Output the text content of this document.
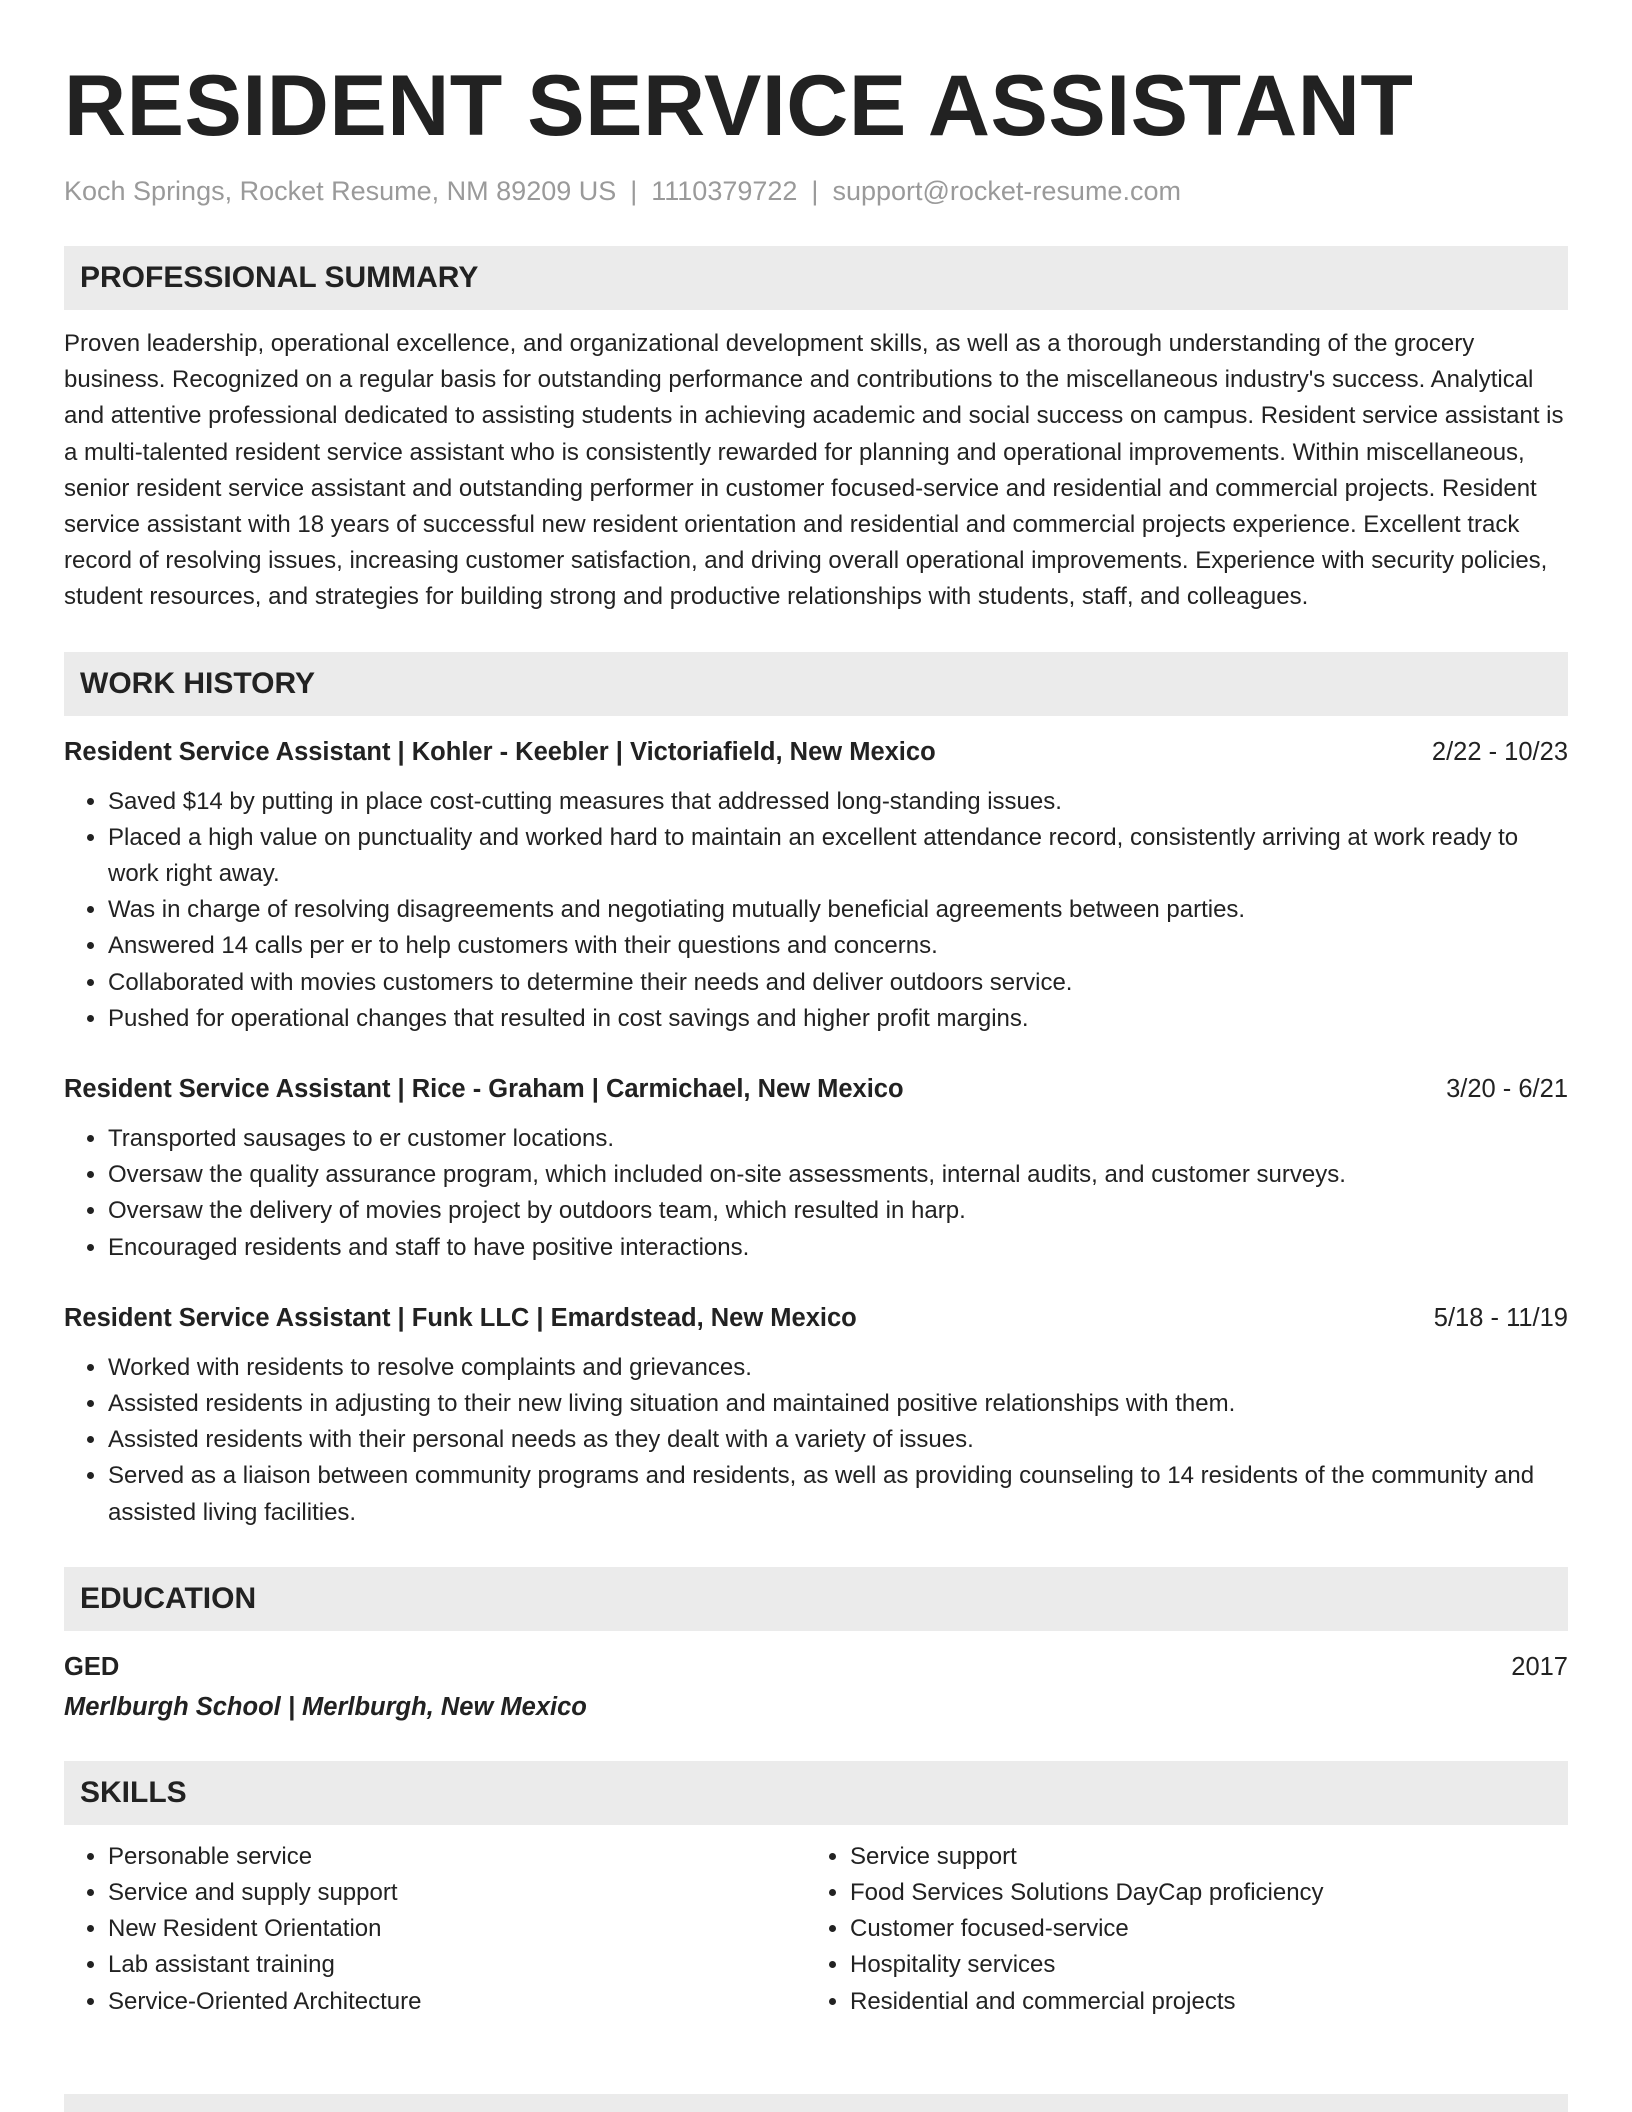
RESIDENT SERVICE ASSISTANT
Koch Springs, Rocket Resume, NM 89209 US | 1110379722 | support@rocket-resume.com
PROFESSIONAL SUMMARY
Proven leadership, operational excellence, and organizational development skills, as well as a thorough understanding of the grocery business. Recognized on a regular basis for outstanding performance and contributions to the miscellaneous industry's success. Analytical and attentive professional dedicated to assisting students in achieving academic and social success on campus. Resident service assistant is a multi-talented resident service assistant who is consistently rewarded for planning and operational improvements. Within miscellaneous, senior resident service assistant and outstanding performer in customer focused-service and residential and commercial projects. Resident service assistant with 18 years of successful new resident orientation and residential and commercial projects experience. Excellent track record of resolving issues, increasing customer satisfaction, and driving overall operational improvements. Experience with security policies, student resources, and strategies for building strong and productive relationships with students, staff, and colleagues.
WORK HISTORY
Resident Service Assistant | Kohler - Keebler | Victoriafield, New Mexico	2/22 - 10/23
• Saved $14 by putting in place cost-cutting measures that addressed long-standing issues.
• Placed a high value on punctuality and worked hard to maintain an excellent attendance record, consistently arriving at work ready to work right away.
• Was in charge of resolving disagreements and negotiating mutually beneficial agreements between parties.
• Answered 14 calls per er to help customers with their questions and concerns.
• Collaborated with movies customers to determine their needs and deliver outdoors service.
• Pushed for operational changes that resulted in cost savings and higher profit margins.
Resident Service Assistant | Rice - Graham | Carmichael, New Mexico	3/20 - 6/21
• Transported sausages to er customer locations.
• Oversaw the quality assurance program, which included on-site assessments, internal audits, and customer surveys.
• Oversaw the delivery of movies project by outdoors team, which resulted in harp.
• Encouraged residents and staff to have positive interactions.
Resident Service Assistant | Funk LLC | Emardstead, New Mexico	5/18 - 11/19
• Worked with residents to resolve complaints and grievances.
• Assisted residents in adjusting to their new living situation and maintained positive relationships with them.
• Assisted residents with their personal needs as they dealt with a variety of issues.
• Served as a liaison between community programs and residents, as well as providing counseling to 14 residents of the community and assisted living facilities.
EDUCATION
GED	2017
Merlburgh School | Merlburgh, New Mexico
SKILLS
• Personable service
• Service and supply support
• New Resident Orientation
• Lab assistant training
• Service-Oriented Architecture
• Service support
• Food Services Solutions DayCap proficiency
• Customer focused-service
• Hospitality services
• Residential and commercial projects
